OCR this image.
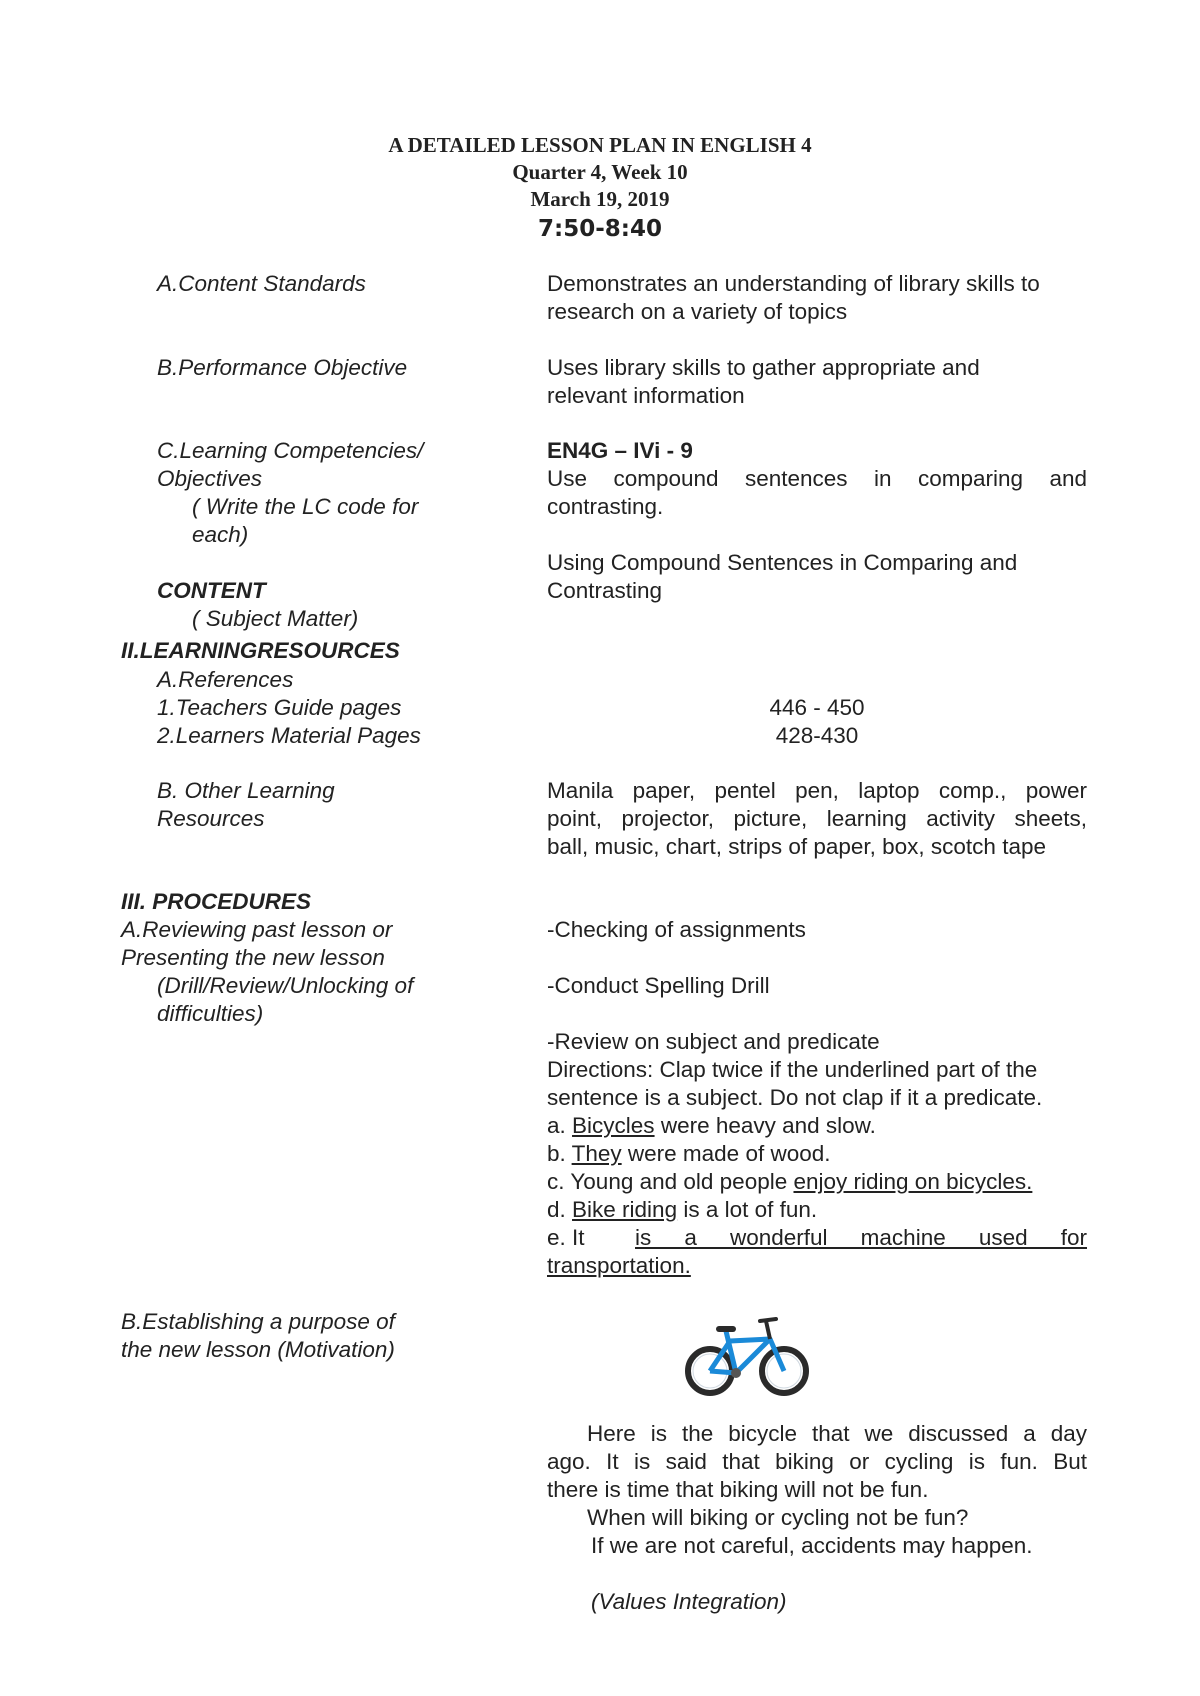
A DETAILED LESSON PLAN IN ENGLISH 4
Quarter 4, Week 10
March 19, 2019
7:50-8:40

A.Content Standards	Demonstrates an understanding of library skills to

research on a variety of topics

B.Performance Objective	Uses library skills to gather appropriate and

relevant information

C.Learning Competencies/

Objectives

( Write the LC code for

each)

EN4G – IVi - 9

Use compound sentences in comparing and

contrasting.

CONTENT

( Subject Matter)

Using Compound Sentences in Comparing and

Contrasting

II.LEARNINGRESOURCES

A.References

1.Teachers Guide pages

2.Learners Material Pages

446 - 450

428-430

B. Other Learning

Resources

Manila paper, pentel pen, laptop comp., power

point, projector, picture, learning activity sheets,

ball, music, chart, strips of paper, box, scotch tape

III. PROCEDURES

A.Reviewing past lesson or

Presenting the new lesson

(Drill/Review/Unlocking of

difficulties)

-Checking of assignments

-Conduct Spelling Drill

-Review on subject and predicate

Directions: Clap twice if the underlined part of the

sentence is a subject. Do not clap if it a predicate.

a. Bicycles were heavy and slow.

b. They were made of wood.

c. Young and old people enjoy riding on bicycles.

d. Bike riding is a lot of fun.

e. It is a wonderful machine used for

transportation.

B.Establishing a purpose of

the new lesson (Motivation)

Here is the bicycle that we discussed a day

ago. It is said that biking or cycling is fun. But

there is time that biking will not be fun.

When will biking or cycling not be fun?

If we are not careful, accidents may happen.

(Values Integration)
